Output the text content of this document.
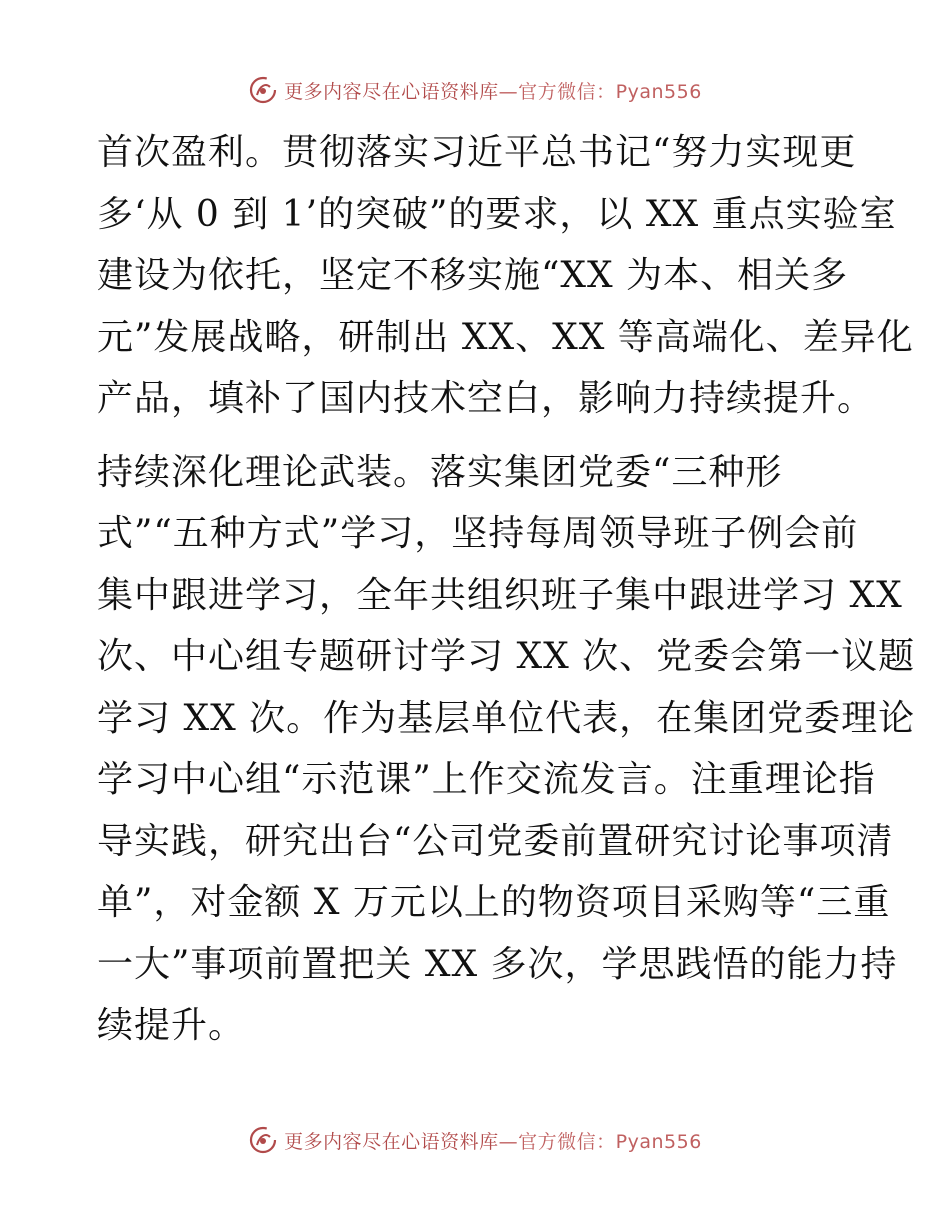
更多内容尽在心语资料库—官方微信：Pyan556
首次盈利。贯彻落实习近平总书记“努力实现更
多‘从 0 到 1’的突破”的要求，以 XX 重点实验室
建设为依托，坚定不移实施“XX 为本、相关多
元”发展战略，研制出 XX、XX 等高端化、差异化
产品，填补了国内技术空白，影响力持续提升。
持续深化理论武装。落实集团党委“三种形
式”“五种方式”学习，坚持每周领导班子例会前
集中跟进学习，全年共组织班子集中跟进学习 XX
次、中心组专题研讨学习 XX 次、党委会第一议题
学习 XX 次。作为基层单位代表，在集团党委理论
学习中心组“示范课”上作交流发言。注重理论指
导实践，研究出台“公司党委前置研究讨论事项清
单”，对金额 X 万元以上的物资项目采购等“三重
一大”事项前置把关 XX 多次，学思践悟的能力持
续提升。
更多内容尽在心语资料库—官方微信：Pyan556
